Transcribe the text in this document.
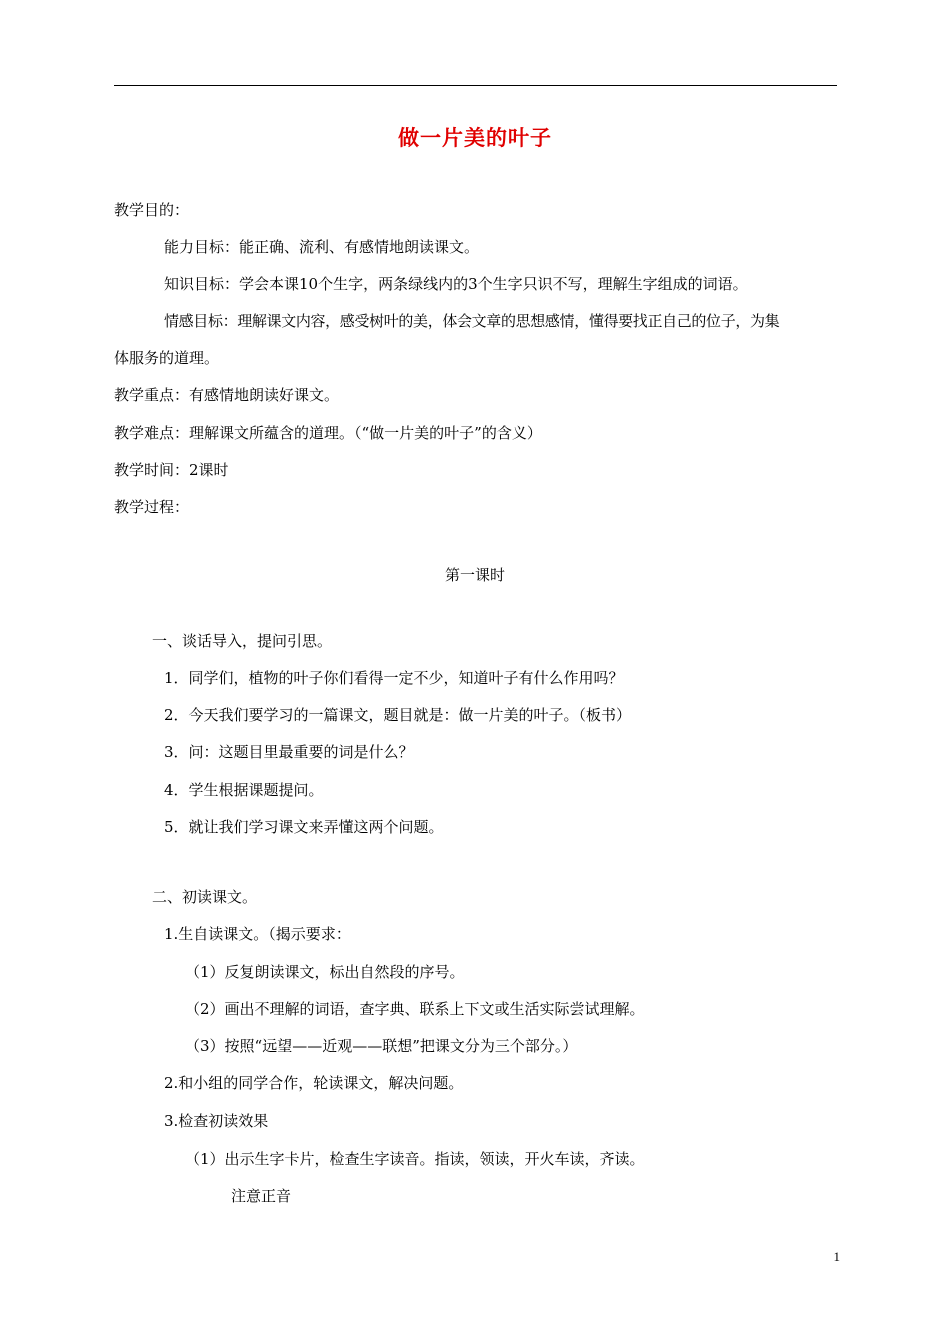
做一片美的叶子
教学目的：
能力目标：能正确、流利、有感情地朗读课文。
知识目标：学会本课10个生字，两条绿线内的3个生字只识不写，理解生字组成的词语。
情感目标：理解课文内容，感受树叶的美，体会文章的思想感情，懂得要找正自己的位子，为集
体服务的道理。
教学重点：有感情地朗读好课文。
教学难点：理解课文所蕴含的道理。（“做一片美的叶子”的含义）
教学时间：2课时
教学过程：
第一课时
一、谈话导入，提问引思。
1．同学们，植物的叶子你们看得一定不少，知道叶子有什么作用吗？
2．今天我们要学习的一篇课文，题目就是：做一片美的叶子。（板书）
3．问：这题目里最重要的词是什么？
4．学生根据课题提问。
5．就让我们学习课文来弄懂这两个问题。
二、初读课文。
1.生自读课文。（揭示要求：
（1）反复朗读课文，标出自然段的序号。
（2）画出不理解的词语，查字典、联系上下文或生活实际尝试理解。
（3）按照“远望——近观——联想”把课文分为三个部分。）
2.和小组的同学合作，轮读课文，解决问题。
3.检查初读效果
（1）出示生字卡片，检查生字读音。指读，领读，开火车读，齐读。
注意正音
1
